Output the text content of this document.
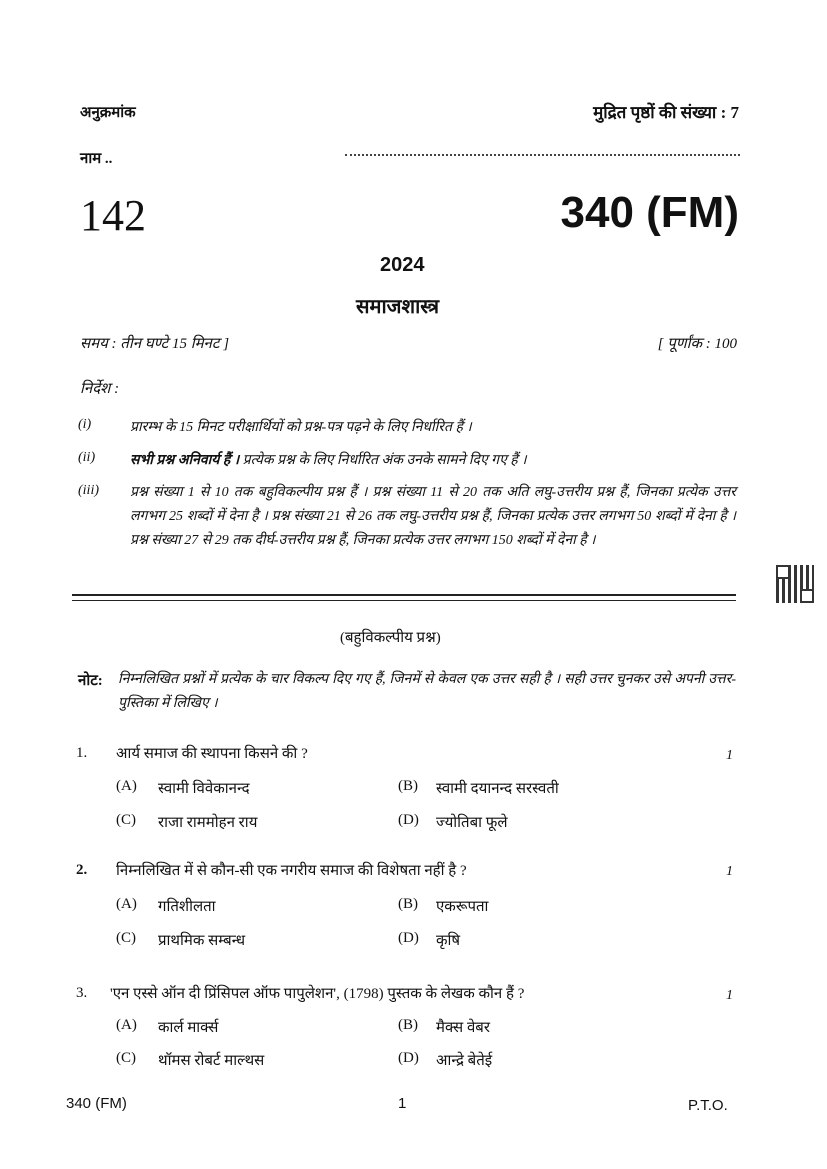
अनुक्रमांक	मुद्रित पृष्ठों की संख्या : 7
नाम ..
142	340 (FM)
2024
समाजशास्त्र
समय : तीन घण्टे 15 मिनट ]	[ पूर्णांक : 100
निर्देश :
(i)	प्रारम्भ के 15 मिनट परीक्षार्थियों को प्रश्न-पत्र पढ़ने के लिए निर्धारित हैं ।
(ii) सभी प्रश्न अनिवार्य हैं । प्रत्येक प्रश्न के लिए निर्धारित अंक उनके सामने दिए गए हैं ।
(iii) प्रश्न संख्या 1 से 10 तक बहुविकल्पीय प्रश्न हैं । प्रश्न संख्या 11 से 20 तक अति लघु-उत्तरीय प्रश्न हैं, जिनका प्रत्येक उत्तर लगभग 25 शब्दों में देना है । प्रश्न संख्या 21 से 26 तक लघु-उत्तरीय प्रश्न हैं, जिनका प्रत्येक उत्तर लगभग 50 शब्दों में देना है । प्रश्न संख्या 27 से 29 तक दीर्घ-उत्तरीय प्रश्न हैं, जिनका प्रत्येक उत्तर लगभग 150 शब्दों में देना है ।
(बहुविकल्पीय प्रश्न)
नोट: निम्नलिखित प्रश्नों में प्रत्येक के चार विकल्प दिए गए हैं, जिनमें से केवल एक उत्तर सही है । सही उत्तर चुनकर उसे अपनी उत्तर-पुस्तिका में लिखिए ।
1. आर्य समाज की स्थापना किसने की ?	1
(A) स्वामी विवेकानन्द	(B) स्वामी दयानन्द सरस्वती
(C) राजा राममोहन राय	(D) ज्योतिबा फूले
2. निम्नलिखित में से कौन-सी एक नगरीय समाज की विशेषता नहीं है ?	1
(A) गतिशीलता	(B) एकरूपता
(C) प्राथमिक सम्बन्ध	(D) कृषि
3. 'एन एस्से ऑन दी प्रिंसिपल ऑफ पापुलेशन', (1798) पुस्तक के लेखक कौन हैं ?	1
(A) कार्ल मार्क्स	(B) मैक्स वेबर
(C) थॉमस रोबर्ट माल्थस	(D) आन्द्रे बेतेई
340 (FM)	1	P.T.O.
